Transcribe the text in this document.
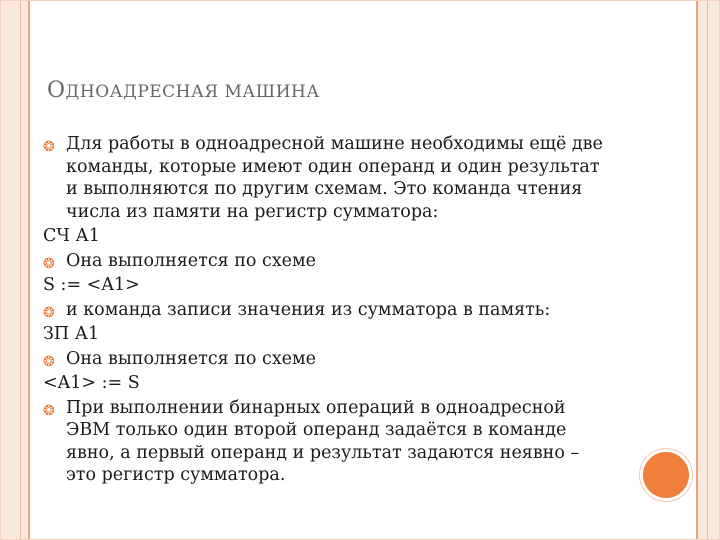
ОДНОАДРЕСНАЯ МАШИНА
❂ Для работы в одноадресной машине необходимы ещё две команды, которые имеют один операнд и один результат и выполняются по другим схемам. Это команда чтения числа из памяти на регистр сумматора:
СЧ А1
❂ Она выполняется по схеме
S := <A1>
❂ и команда записи значения из сумматора в память:
ЗП А1
❂ Она выполняется по схеме
<A1> := S
❂ При выполнении бинарных операций в одноадресной ЭВМ только один второй операнд задаётся в команде явно, а первый операнд и результат задаются неявно – это регистр сумматора.
